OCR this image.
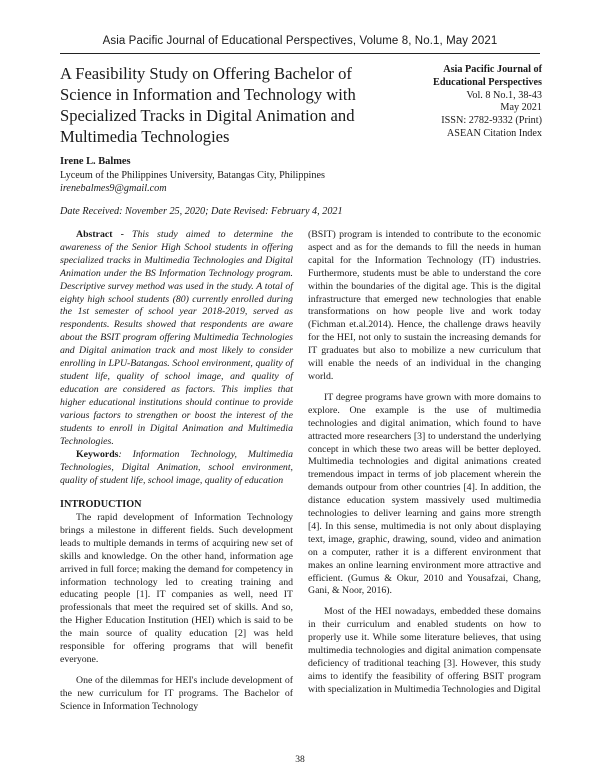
Asia Pacific Journal of Educational Perspectives, Volume 8, No.1, May 2021
A Feasibility Study on Offering Bachelor of Science in Information and Technology with Specialized Tracks in Digital Animation and Multimedia Technologies
Asia Pacific Journal of
Educational Perspectives
Vol. 8 No.1, 38-43
May 2021
ISSN: 2782-9332 (Print)
ASEAN Citation Index
Irene L. Balmes
Lyceum of the Philippines University, Batangas City, Philippines
irenebalmes9@gmail.com
Date Received: November 25, 2020; Date Revised: February 4, 2021

Abstract - This study aimed to determine the awareness of the Senior High School students in offering specialized tracks in Multimedia Technologies and Digital Animation under the BS Information Technology program. Descriptive survey method was used in the study. A total of eighty high school students (80) currently enrolled during the 1st semester of school year 2018-2019, served as respondents. Results showed that respondents are aware about the BSIT program offering Multimedia Technologies and Digital animation track and most likely to consider enrolling in LPU-Batangas. School environment, quality of student life, quality of school image, and quality of education are considered as factors. This implies that higher educational institutions should continue to provide various factors to strengthen or boost the interest of the students to enroll in Digital Animation and Multimedia Technologies.

Keywords: Information Technology, Multimedia Technologies, Digital Animation, school environment, quality of student life, school image, quality of education

INTRODUCTION

The rapid development of Information Technology brings a milestone in different fields. Such development leads to multiple demands in terms of acquiring new set of skills and knowledge. On the other hand, information age arrived in full force; making the demand for competency in information technology led to creating training and educating people [1]. IT companies as well, need IT professionals that meet the required set of skills. And so, the Higher Education Institution (HEI) which is said to be the main source of quality education [2] was held responsible for offering programs that will benefit everyone.

One of the dilemmas for HEI's include development of the new curriculum for IT programs. The Bachelor of Science in Information Technology

(BSIT) program is intended to contribute to the economic aspect and as for the demands to fill the needs in human capital for the Information Technology (IT) industries. Furthermore, students must be able to understand the core within the boundaries of the digital age. This is the digital infrastructure that emerged new technologies that enable transformations on how people live and work today (Fichman et.al.2014). Hence, the challenge draws heavily for the HEI, not only to sustain the increasing demands for IT graduates but also to mobilize a new curriculum that will enable the needs of an individual in the changing world.

IT degree programs have grown with more domains to explore. One example is the use of multimedia technologies and digital animation, which found to have attracted more researchers [3] to understand the underlying concept in which these two areas will be better deployed. Multimedia technologies and digital animations created tremendous impact in terms of job placement wherein the demands outpour from other countries [4]. In addition, the distance education system massively used multimedia technologies to deliver learning and gains more strength [4]. In this sense, multimedia is not only about displaying text, image, graphic, drawing, sound, video and animation on a computer, rather it is a different environment that makes an online learning environment more attractive and efficient. (Gumus & Okur, 2010 and Yousafzai, Chang, Gani, & Noor, 2016).

Most of the HEI nowadays, embedded these domains in their curriculum and enabled students on how to properly use it. While some literature believes, that using multimedia technologies and digital animation compensate deficiency of traditional teaching [3]. However, this study aims to identify the feasibility of offering BSIT program with specialization in Multimedia Technologies and Digital

38
